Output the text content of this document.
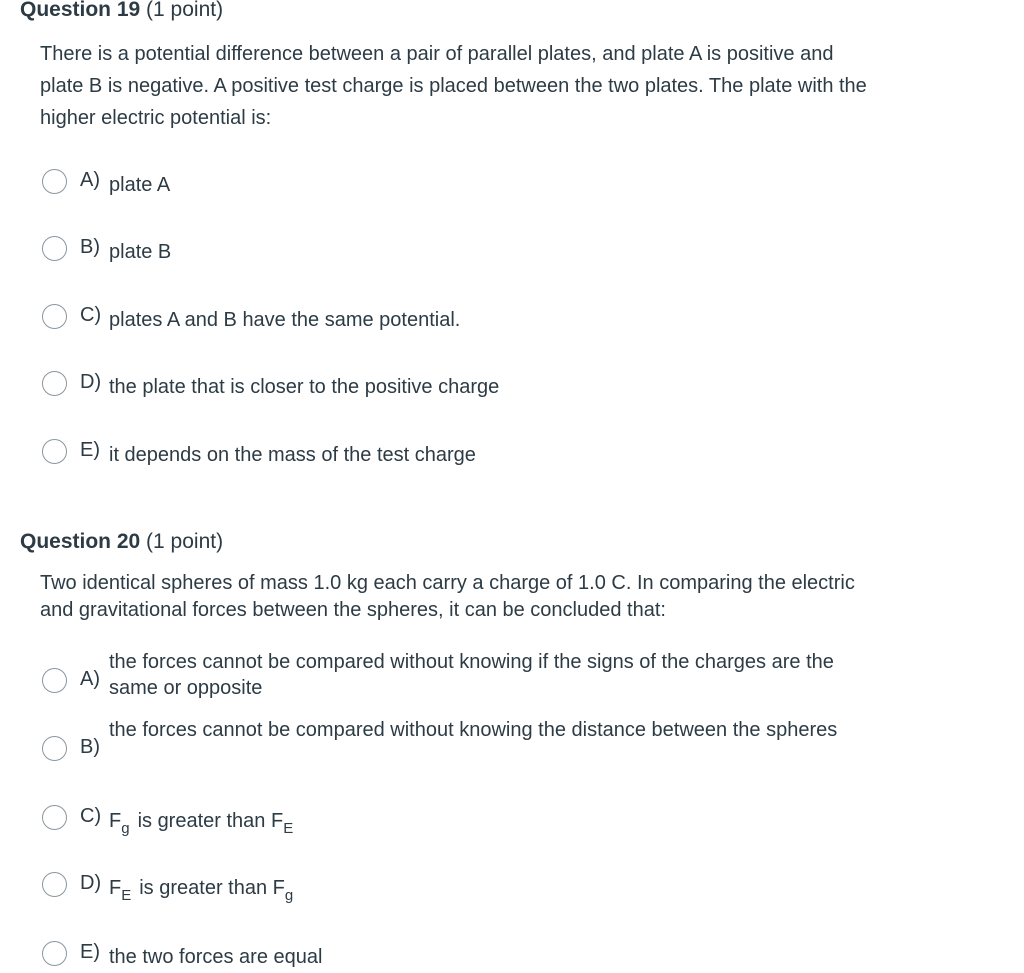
Question 19 (1 point)
There is a potential difference between a pair of parallel plates, and plate A is positive and plate B is negative. A positive test charge is placed between the two plates. The plate with the higher electric potential is:
A) plate A
B) plate B
C) plates A and B have the same potential.
D) the plate that is closer to the positive charge
E) it depends on the mass of the test charge
Question 20 (1 point)
Two identical spheres of mass 1.0 kg each carry a charge of 1.0 C. In comparing the electric and gravitational forces between the spheres, it can be concluded that:
A)
the forces cannot be compared without knowing if the signs of the charges are the same or opposite
B)
the forces cannot be compared without knowing the distance between the spheres
C) $F_g$ is greater than $F_E$
D) $F_E$ is greater than $F_g$
E) the two forces are equal
